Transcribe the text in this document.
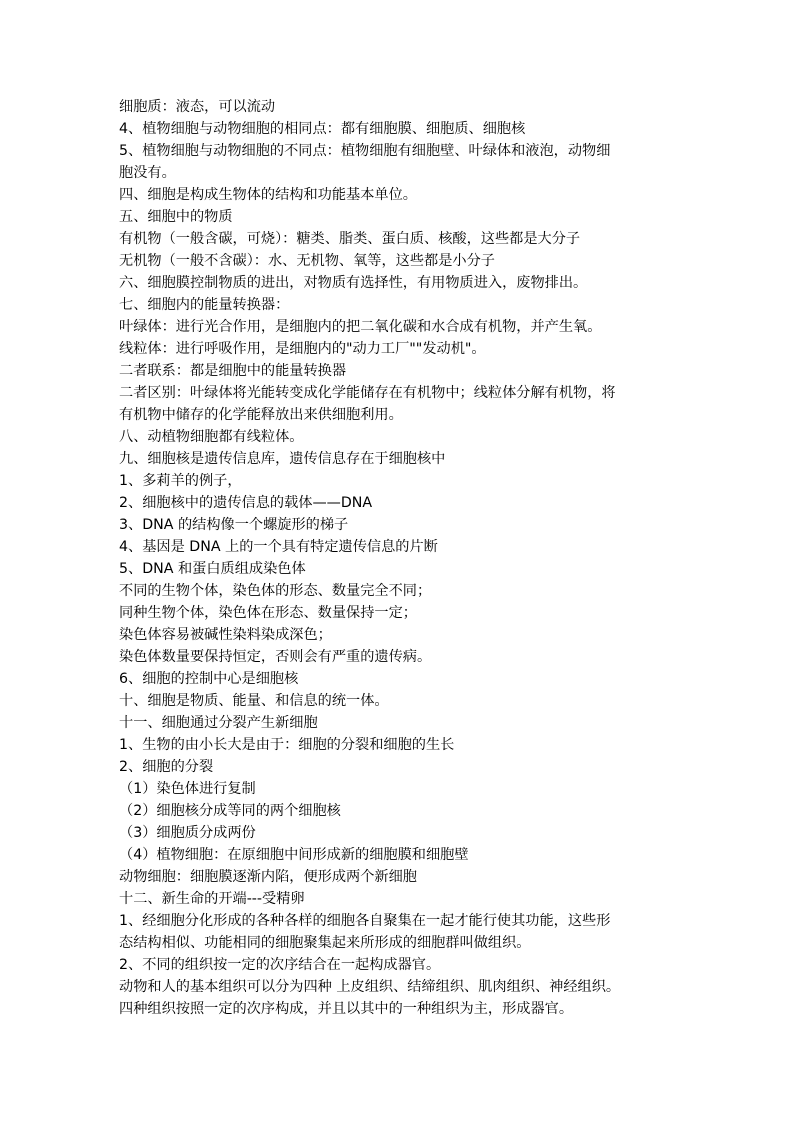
细胞质：液态，可以流动
4、植物细胞与动物细胞的相同点：都有细胞膜、细胞质、细胞核
5、植物细胞与动物细胞的不同点：植物细胞有细胞壁、叶绿体和液泡，动物细
胞没有。
四、细胞是构成生物体的结构和功能基本单位。
五、细胞中的物质
有机物（一般含碳，可烧）：糖类、脂类、蛋白质、核酸，这些都是大分子
无机物（一般不含碳）：水、无机物、氧等，这些都是小分子
六、细胞膜控制物质的进出，对物质有选择性，有用物质进入，废物排出。
七、细胞内的能量转换器：
叶绿体：进行光合作用，是细胞内的把二氧化碳和水合成有机物，并产生氧。
线粒体：进行呼吸作用，是细胞内的"动力工厂""发动机"。
二者联系：都是细胞中的能量转换器
二者区别：叶绿体将光能转变成化学能储存在有机物中；线粒体分解有机物，将
有机物中储存的化学能释放出来供细胞利用。
八、动植物细胞都有线粒体。
九、细胞核是遗传信息库，遗传信息存在于细胞核中
1、多莉羊的例子，
2、细胞核中的遗传信息的载体——DNA
3、DNA 的结构像一个螺旋形的梯子
4、基因是 DNA 上的一个具有特定遗传信息的片断
5、DNA 和蛋白质组成染色体
不同的生物个体，染色体的形态、数量完全不同；
同种生物个体，染色体在形态、数量保持一定；
染色体容易被碱性染料染成深色；
染色体数量要保持恒定，否则会有严重的遗传病。
6、细胞的控制中心是细胞核
十、细胞是物质、能量、和信息的统一体。
十一、细胞通过分裂产生新细胞
1、生物的由小长大是由于：细胞的分裂和细胞的生长
2、细胞的分裂
（1）染色体进行复制
（2）细胞核分成等同的两个细胞核
（3）细胞质分成两份
（4）植物细胞：在原细胞中间形成新的细胞膜和细胞壁
动物细胞：细胞膜逐渐内陷，便形成两个新细胞
十二、新生命的开端---受精卵
1、经细胞分化形成的各种各样的细胞各自聚集在一起才能行使其功能，这些形
态结构相似、功能相同的细胞聚集起来所形成的细胞群叫做组织。
2、不同的组织按一定的次序结合在一起构成器官。
动物和人的基本组织可以分为四种 上皮组织、结缔组织、肌肉组织、神经组织。
四种组织按照一定的次序构成，并且以其中的一种组织为主，形成器官。
